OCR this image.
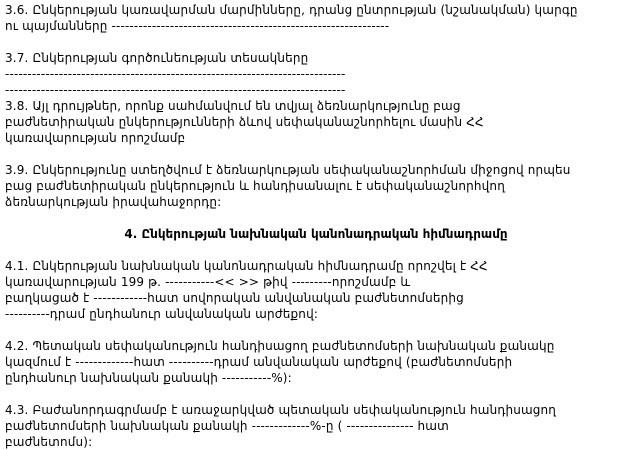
3.6. Ընկերության կառավարման մարմինները, դրանց ընտրության (նշանակման) կարգը
ու պայմանները --------------------------------------------------------------
3.7. Ընկերության գործունեության տեսակները
----------------------------------------------------------------------------
----------------------------------------------------------------------------
3.8. Այլ դրույթներ, որոնք սահմանվում են տվյալ ձեռնարկությունը բաց
բաժնետիրական ընկերությունների ձևով սեփականաշնորհելու մասին ՀՀ
կառավարության որոշմամբ
3.9. Ընկերությունը ստեղծվում է ձեռնարկության սեփականաշնորհման միջոցով որպես
բաց բաժնետիրական ընկերություն և հանդիսանալու է սեփականաշնորհվող
ձեռնարկության իրավահաջորդը:
4. Ընկերության նախնական կանոնադրական հիմնադրամը
4.1. Ընկերության նախնական կանոնադրական հիմնադրամը որոշվել է ՀՀ
կառավարության 199 թ. -----------<< >> թիվ ---------որոշմամբ և
բաղկացած է ------------հատ սովորական անվանական բաժնետոմսերից
----------դրամ ընդհանուր անվանական արժեքով:
4.2. Պետական սեփականություն հանդիսացող բաժնետոմսերի նախնական քանակը
կազմում է -------------հատ ----------դրամ անվանական արժեքով (բաժնետոմսերի
ընդհանուր նախնական քանակի -----------%):
4.3. Բաժանորդագրմամբ է առաջարկված պետական սեփականություն հանդիսացող
բաժնետոմսերի նախնական քանակի -------------%-ը ( --------------- հատ
բաժնետոմս):
